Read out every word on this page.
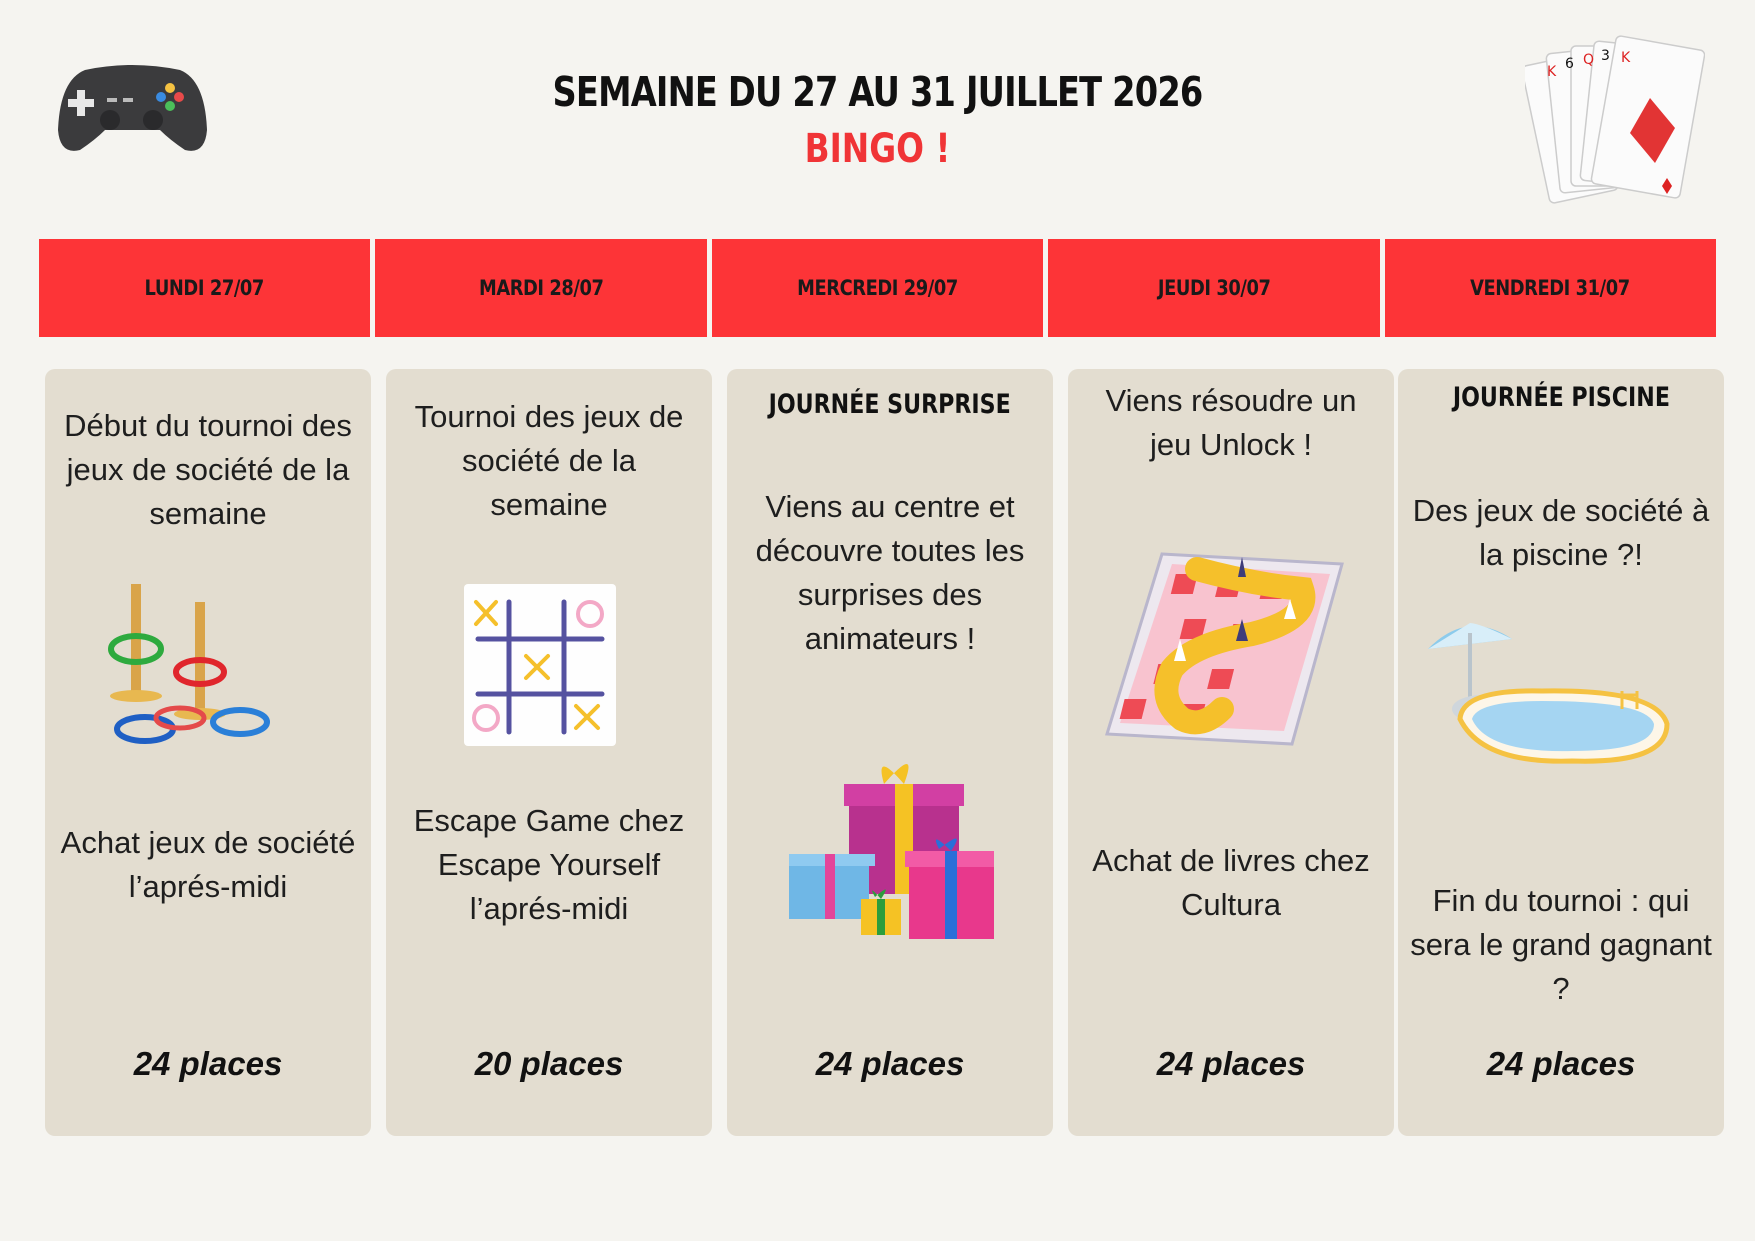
K 6 Q 3 K
SEMAINE DU 27 AU 31 JUILLET 2026
BINGO !
LUNDI 27/07	MARDI 28/07	MERCREDI 29/07	JEUDI 30/07	VENDREDI 31/07
Début du tournoi des jeux de société de la semaine
Achat jeux de société l’aprés-midi
24 places
Tournoi des jeux de société de la semaine
Escape Game chez Escape Yourself l’aprés-midi
20 places
JOURNÉE SURPRISE
Viens au centre et découvre toutes les surprises des animateurs !
24 places
Viens résoudre un jeu Unlock !
Achat de livres chez Cultura
24 places
JOURNÉE PISCINE
Des jeux de société à la piscine ?!
Fin du tournoi : qui sera le grand gagnant ?
24 places
